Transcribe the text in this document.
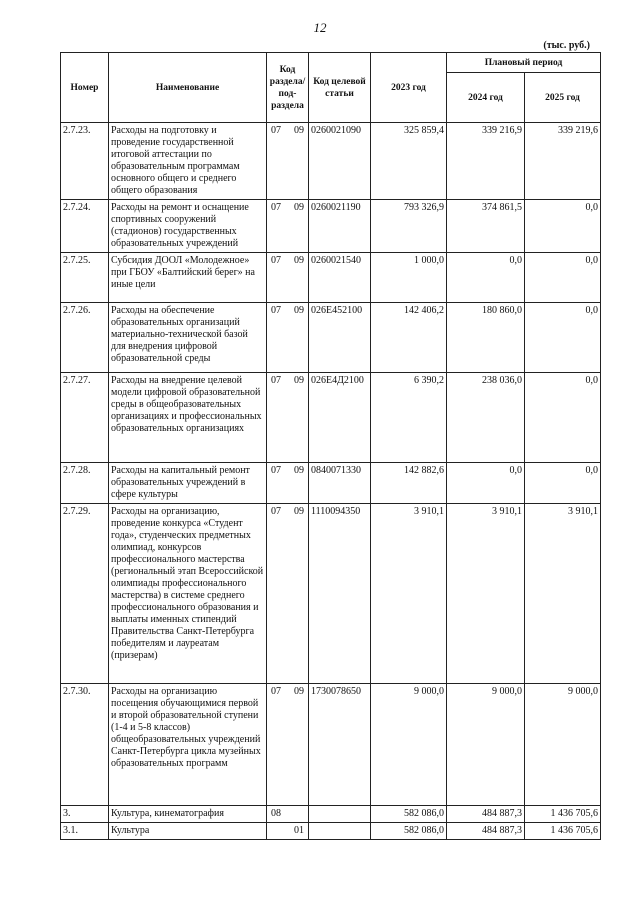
12
(тыс. руб.)
Номер	Наименование	Код раздела/ под- раздела	Код целевой статьи	2023 год	Плановый период	
					2024 год	2025 год
2.7.23.	Расходы на подготовку и проведение государственной итоговой аттестации по образовательным программам основного общего и среднего общего образования	07 09	0260021090	325 859,4	339 216,9	339 219,6
2.7.24.	Расходы на ремонт и оснащение спортивных сооружений (стадионов) государственных образовательных учреждений	07 09	0260021190	793 326,9	374 861,5	0,0
2.7.25.	Субсидия ДООЛ «Молодежное» при ГБОУ «Балтийский берег» на иные цели	07 09	0260021540	1 000,0	0,0	0,0
2.7.26.	Расходы на обеспечение образовательных организаций материально-технической базой для внедрения цифровой образовательной среды	07 09	026Е452100	142 406,2	180 860,0	0,0
2.7.27.	Расходы на внедрение целевой модели цифровой образовательной среды в общеобразовательных организациях и профессиональных образовательных организациях	07 09	026Е4Д2100	6 390,2	238 036,0	0,0
2.7.28.	Расходы на капитальный ремонт образовательных учреждений в сфере культуры	07 09	0840071330	142 882,6	0,0	0,0
2.7.29.	Расходы на организацию, проведение конкурса «Студент года», студенческих предметных олимпиад, конкурсов профессионального мастерства (региональный этап Всероссийской олимпиады профессионального мастерства) в системе среднего профессионального образования и выплаты именных стипендий Правительства Санкт-Петербурга победителям и лауреатам (призерам)	07 09	1110094350	3 910,1	3 910,1	3 910,1
2.7.30.	Расходы на организацию посещения обучающимися первой и второй образовательной ступени (1-4 и 5-8 классов) общеобразовательных учреждений Санкт-Петербурга цикла музейных образовательных программ	07 09	1730078650	9 000,0	9 000,0	9 000,0
3.	Культура, кинематография	08		582 086,0	484 887,3	1 436 705,6
3.1.	Культура	01		582 086,0	484 887,3	1 436 705,6
